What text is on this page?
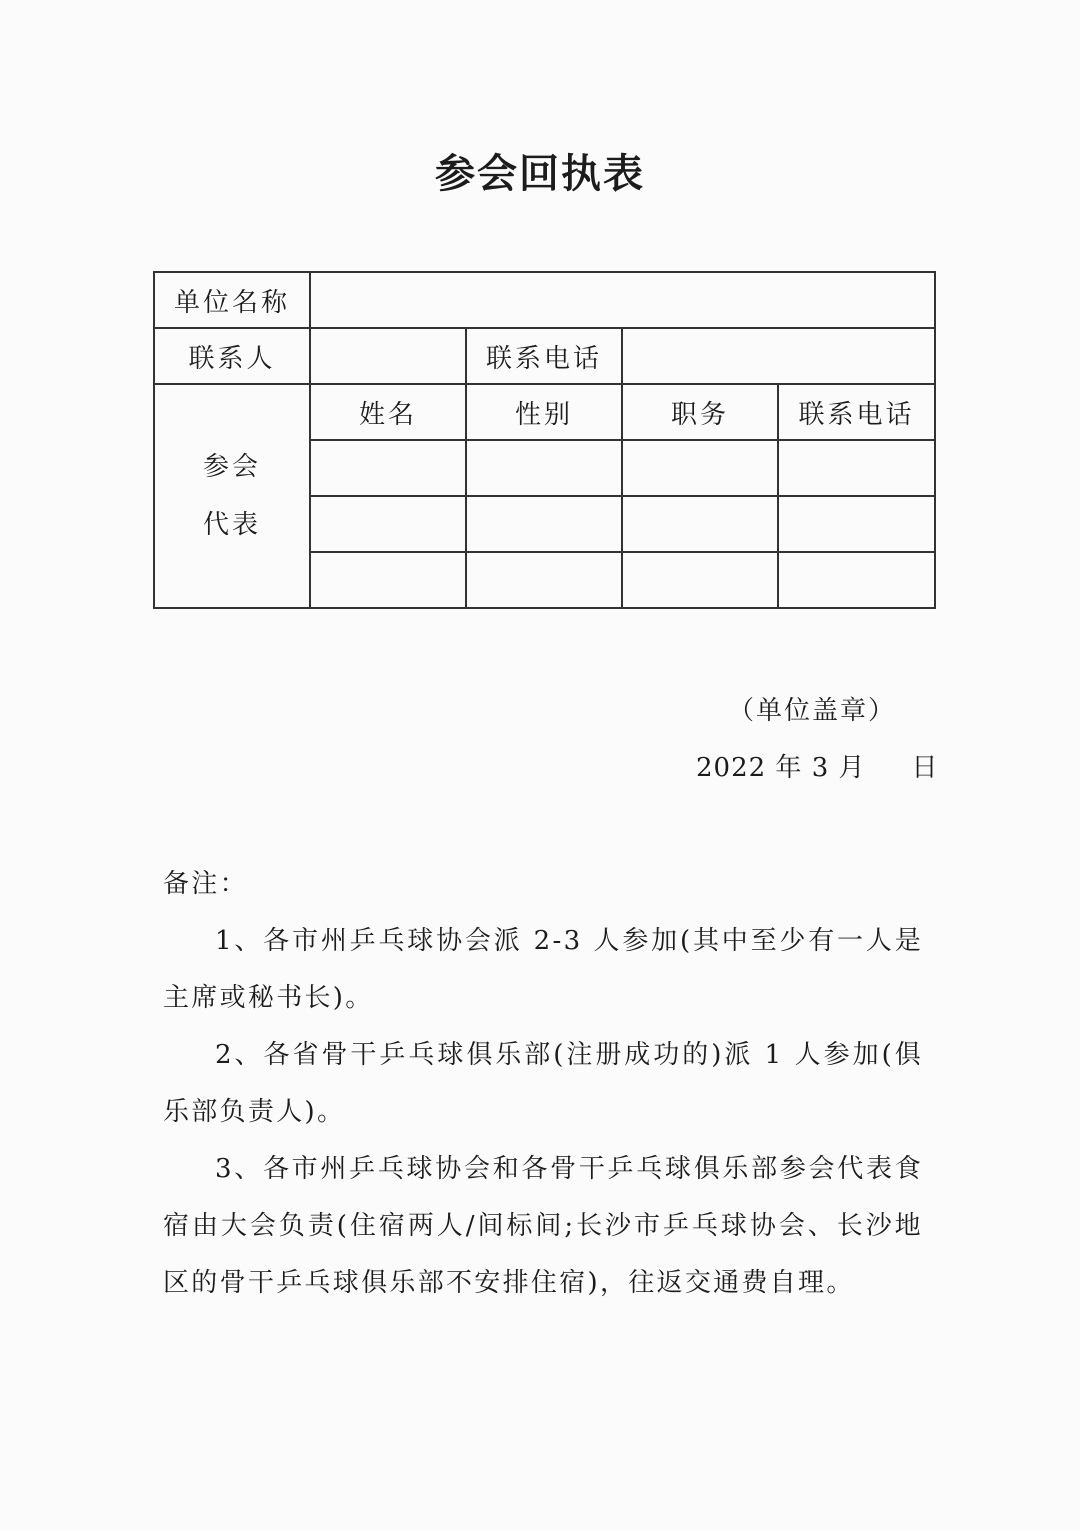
参会回执表
单位名称				
联系人		联系电话		
参会
代表	姓名	性别	职务	联系电话

（单位盖章）
2022 年 3 月 日
备注：

1、各市州乒乓球协会派 2-3 人参加(其中至少有一人是主席或秘书长)。

2、各省骨干乒乓球俱乐部(注册成功的)派 1 人参加(俱乐部负责人)。

3、各市州乒乓球协会和各骨干乒乓球俱乐部参会代表食宿由大会负责(住宿两人/间标间;长沙市乒乓球协会、长沙地区的骨干乒乓球俱乐部不安排住宿)，往返交通费自理。
